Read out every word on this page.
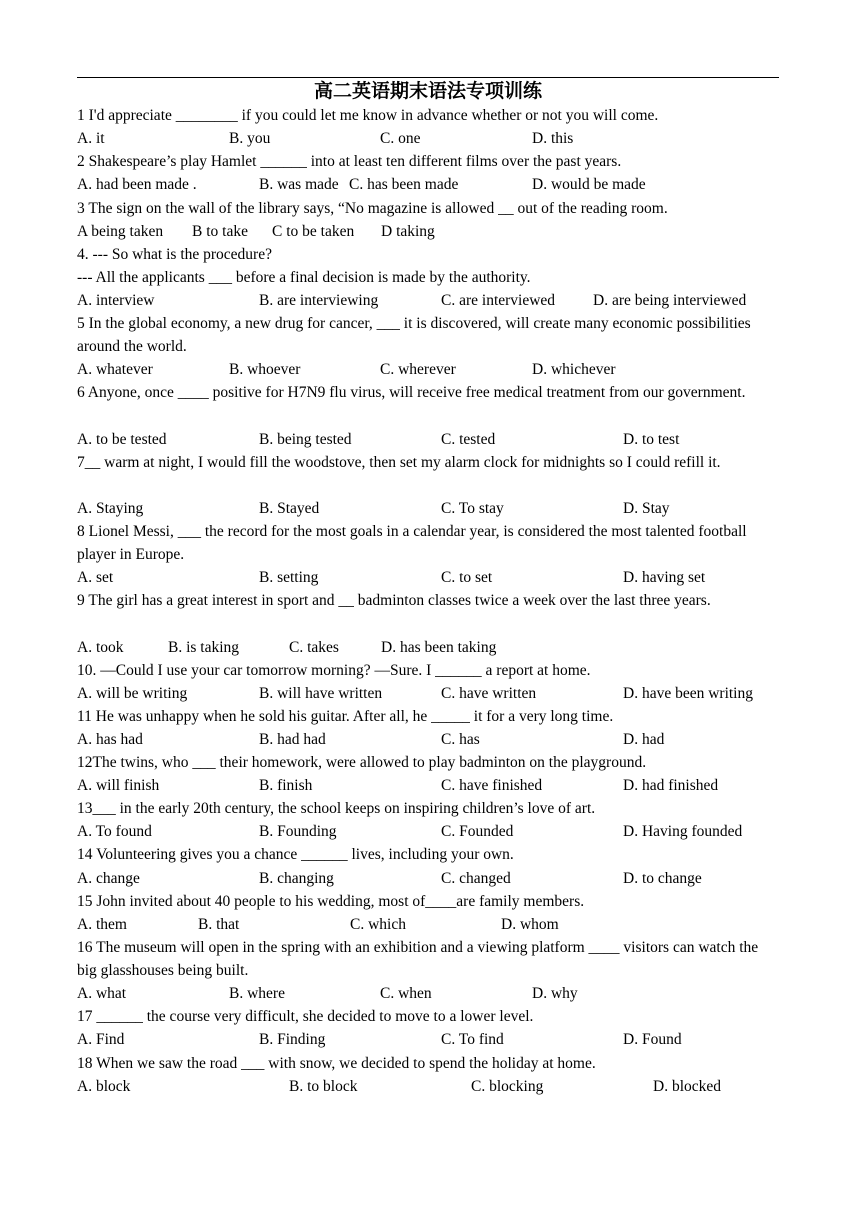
高二英语期末语法专项训练
1 I'd appreciate ________ if you could let me know in advance whether or not you will come.
A. it	B. you	C. one	D. this
2 Shakespeare’s play Hamlet ______ into at least ten different films over the past years.
A. had been made .	B. was made C. has been made	D. would be made
3 The sign on the wall of the library says, “No magazine is allowed __ out of the reading room.
A being taken B to take C to be taken D taking
4. --- So what is the procedure?
--- All the applicants ___ before a final decision is made by the authority.
A. interview	B. are interviewing	C. are interviewed D. are being interviewed
5 In the global economy, a new drug for cancer, ___ it is discovered, will create many economic possibilities around the world.
A. whatever	B. whoever	C. wherever	D. whichever
6 Anyone, once ____ positive for H7N9 flu virus, will receive free medical treatment from our government.
A. to be tested	B. being tested	C. tested	D. to test
7__ warm at night, I would fill the woodstove, then set my alarm clock for midnights so I could refill it.
A. Staying	B. Stayed	C. To stay	D. Stay
8 Lionel Messi, ___ the record for the most goals in a calendar year, is considered the most talented football player in Europe.
A. set	B. setting	C. to set	D. having set
9 The girl has a great interest in sport and __ badminton classes twice a week over the last three years.
A. took	B. is taking	C. takes	D. has been taking
10. —Could I use your car tomorrow morning? —Sure. I ______ a report at home.
A. will be writing	B. will have written	C. have written	D. have been writing
11 He was unhappy when he sold his guitar. After all, he _____ it for a very long time.
A. has had	B. had had	C. has	D. had
12The twins, who ___ their homework, were allowed to play badminton on the playground.
A. will finish	B. finish	C. have finished	D. had finished
13___ in the early 20th century, the school keeps on inspiring children’s love of art.
A. To found	B. Founding	C. Founded	D. Having founded
14 Volunteering gives you a chance ______ lives, including your own.
A. change	B. changing	C. changed	D. to change
15 John invited about 40 people to his wedding, most of____are family members.
A. them	B. that	C. which	D. whom
16 The museum will open in the spring with an exhibition and a viewing platform ____ visitors can watch the big glasshouses being built.
A. what	B. where	C. when	D. why
17 ______ the course very difficult, she decided to move to a lower level.
A. Find	B. Finding	C. To find	D. Found
18 When we saw the road ___ with snow, we decided to spend the holiday at home.
A. block	B. to block	C. blocking	D. blocked
